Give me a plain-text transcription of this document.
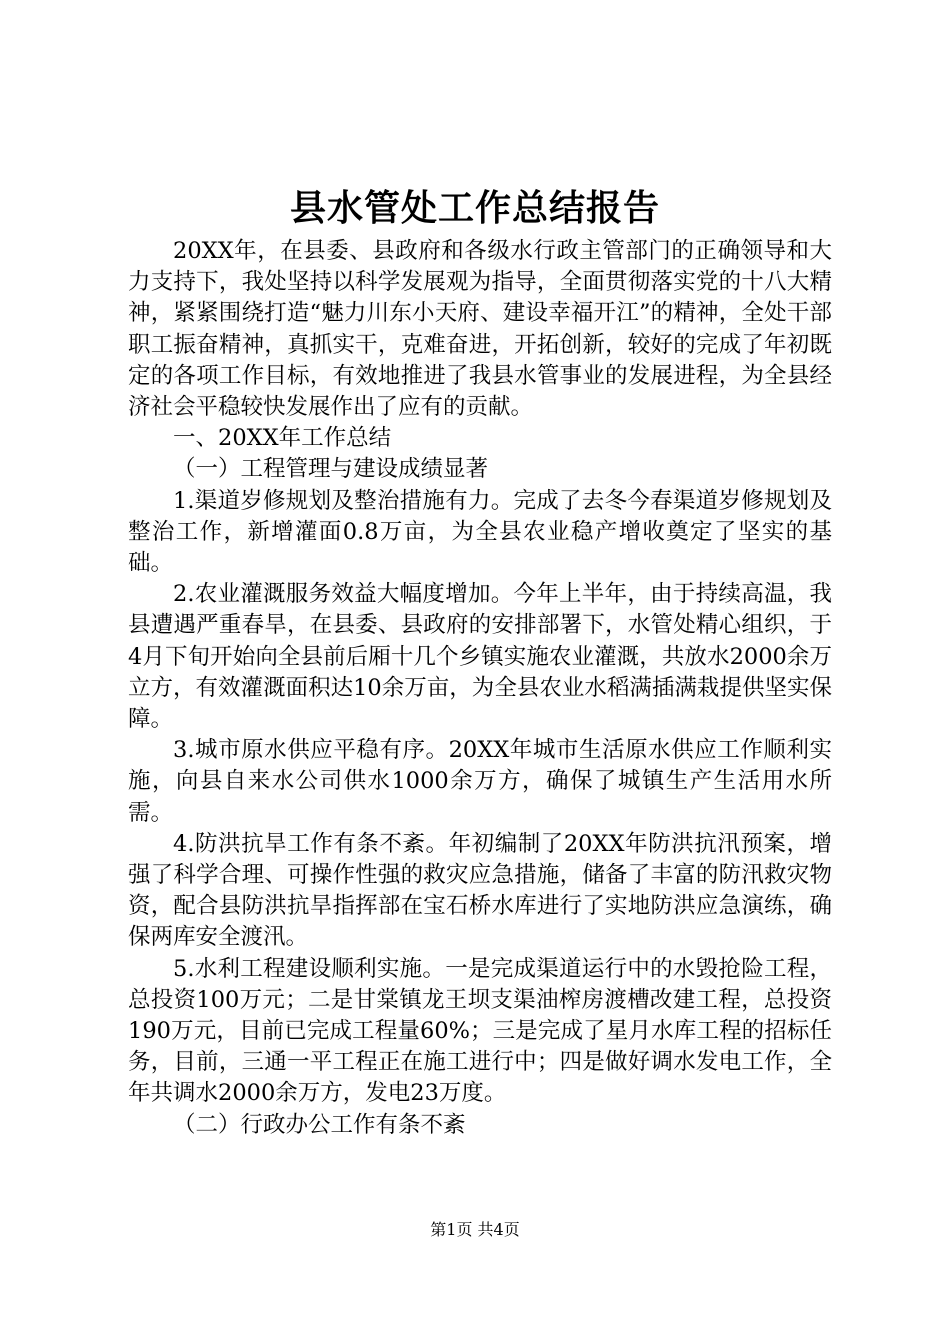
县水管处工作总结报告

20XX年，在县委、县政府和各级水行政主管部门的正确领导和大力支持下，我处坚持以科学发展观为指导，全面贯彻落实党的十八大精神，紧紧围绕打造“魅力川东小天府、建设幸福开江”的精神，全处干部职工振奋精神，真抓实干，克难奋进，开拓创新，较好的完成了年初既定的各项工作目标，有效地推进了我县水管事业的发展进程，为全县经济社会平稳较快发展作出了应有的贡献。

一、20XX年工作总结

（一）工程管理与建设成绩显著

1.渠道岁修规划及整治措施有力。完成了去冬今春渠道岁修规划及整治工作，新增灌面0.8万亩，为全县农业稳产增收奠定了坚实的基础。

2.农业灌溉服务效益大幅度增加。今年上半年，由于持续高温，我县遭遇严重春旱，在县委、县政府的安排部署下，水管处精心组织，于4月下旬开始向全县前后厢十几个乡镇实施农业灌溉，共放水2000余万立方，有效灌溉面积达10余万亩，为全县农业水稻满插满栽提供坚实保障。

3.城市原水供应平稳有序。20XX年城市生活原水供应工作顺利实施，向县自来水公司供水1000余万方，确保了城镇生产生活用水所需。

4.防洪抗旱工作有条不紊。年初编制了20XX年防洪抗汛预案，增强了科学合理、可操作性强的救灾应急措施，储备了丰富的防汛救灾物资，配合县防洪抗旱指挥部在宝石桥水库进行了实地防洪应急演练，确保两库安全渡汛。

5.水利工程建设顺利实施。一是完成渠道运行中的水毁抢险工程，总投资100万元；二是甘棠镇龙王坝支渠油榨房渡槽改建工程，总投资190万元，目前已完成工程量60%；三是完成了星月水库工程的招标任务，目前，三通一平工程正在施工进行中；四是做好调水发电工作，全年共调水2000余万方，发电23万度。

（二）行政办公工作有条不紊

第1页 共4页
